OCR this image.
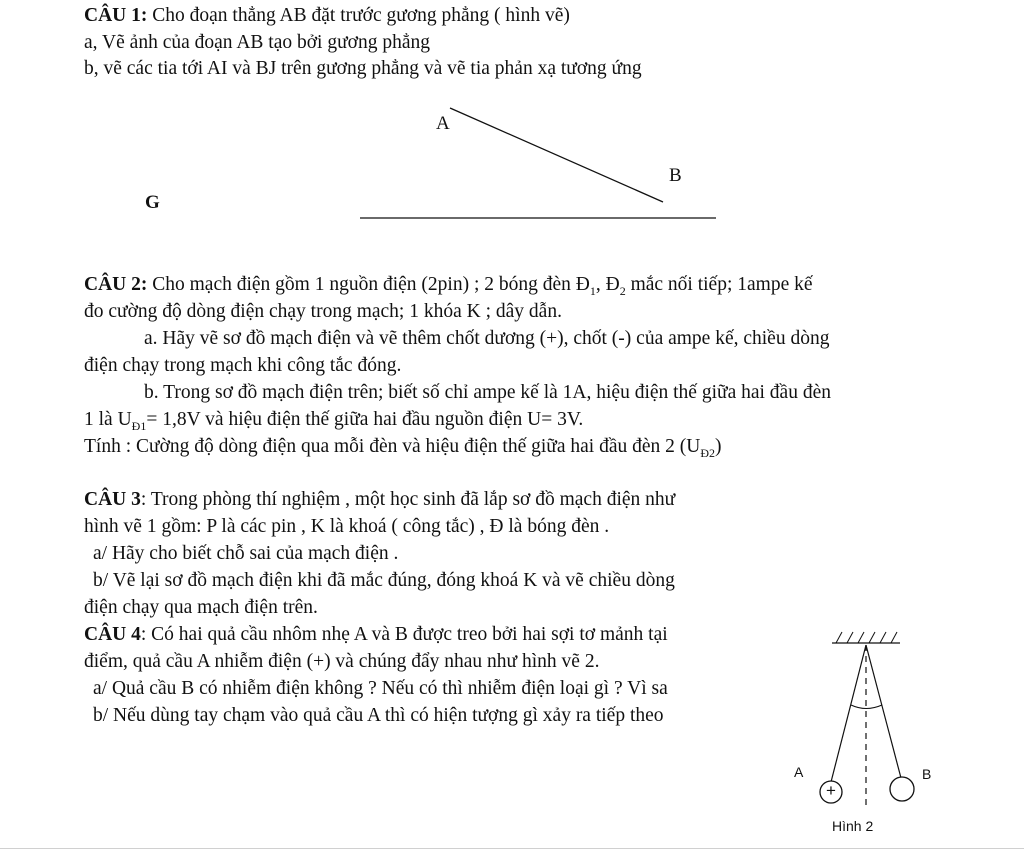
CÂU 1: Cho đoạn thẳng AB đặt trước gương phẳng ( hình vẽ)
a, Vẽ ảnh của đoạn AB tạo bởi gương phẳng
b, vẽ các tia tới AI và BJ trên gương phẳng và vẽ tia phản xạ tương ứng
A
B
G
CÂU 2: Cho mạch điện gồm 1 nguồn điện (2pin) ; 2 bóng đèn $Đ_1$, $Đ_2$ mắc nối tiếp; 1ampe kế
đo cường độ dòng điện chạy trong mạch; 1 khóa K ; dây dẫn.
a. Hãy vẽ sơ đồ mạch điện và vẽ thêm chốt dương (+), chốt (-) của ampe kế, chiều dòng
điện chạy trong mạch khi công tắc đóng.
b. Trong sơ đồ mạch điện trên; biết số chỉ ampe kế là 1A, hiệu điện thế giữa hai đầu đèn
1 là $U_{Đ1}= 1,8V$ và hiệu điện thế giữa hai đầu nguồn điện U= 3V.
Tính : Cường độ dòng điện qua mỗi đèn và hiệu điện thế giữa hai đầu đèn 2 $(U_{Đ2})$
CÂU 3: Trong phòng thí nghiệm , một học sinh đã lắp sơ đồ mạch điện như
hình vẽ 1 gồm: P là các pin , K là khoá ( công tắc) , Đ là bóng đèn .
a/ Hãy cho biết chỗ sai của mạch điện .
b/ Vẽ lại sơ đồ mạch điện khi đã mắc đúng, đóng khoá K và vẽ chiều dòng
điện chạy qua mạch điện trên.
CÂU 4: Có hai quả cầu nhôm nhẹ A và B được treo bởi hai sợi tơ mảnh tại
điểm, quả cầu A nhiễm điện (+) và chúng đẩy nhau như hình vẽ 2.
a/ Quả cầu B có nhiễm điện không ? Nếu có thì nhiễm điện loại gì ? Vì sa
b/ Nếu dùng tay chạm vào quả cầu A thì có hiện tượng gì xảy ra tiếp theo
+
A	B
Hình 2
